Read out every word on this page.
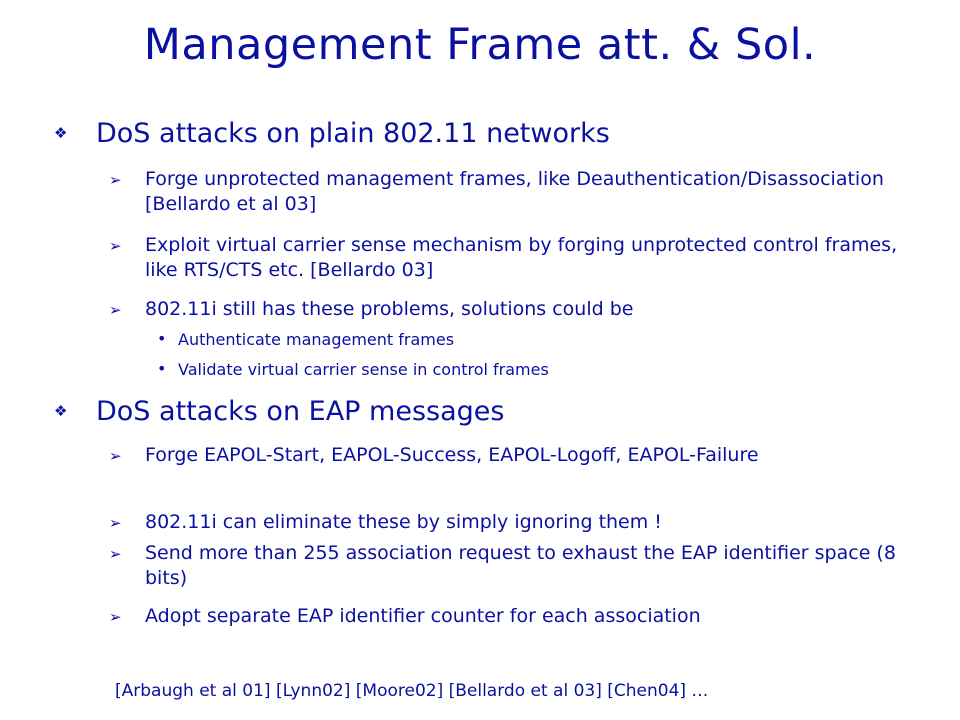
Management Frame att. & Sol.
❖ DoS attacks on plain 802.11 networks
➢ Forge unprotected management frames, like Deauthentication/Disassociation [Bellardo et al 03]
➢ Exploit virtual carrier sense mechanism by forging unprotected control frames, like RTS/CTS etc. [Bellardo 03]
➢ 802.11i still has these problems, solutions could be
• Authenticate management frames
• Validate virtual carrier sense in control frames
❖ DoS attacks on EAP messages
➢ Forge EAPOL-Start, EAPOL-Success, EAPOL-Logoff, EAPOL-Failure
➢ 802.11i can eliminate these by simply ignoring them !
➢ Send more than 255 association request to exhaust the EAP identifier space (8 bits)
➢ Adopt separate EAP identifier counter for each association
[Arbaugh et al 01] [Lynn02] [Moore02] [Bellardo et al 03] [Chen04] …
